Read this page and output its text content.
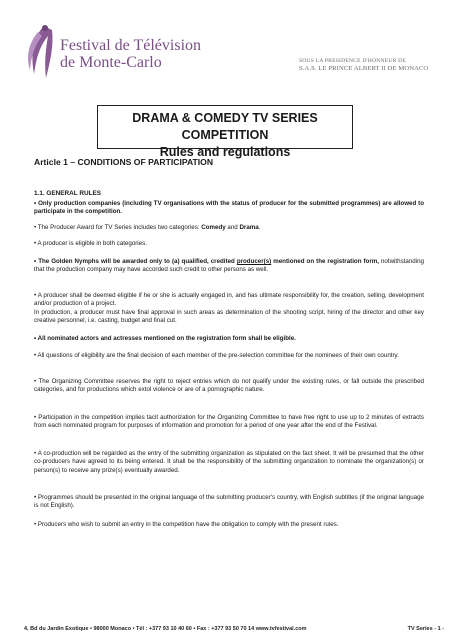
Festival de Télévision
de Monte-Carlo	SOUS LA PRESIDENCE D'HONNEUR DE
S.A.S. LE PRINCE ALBERT II DE MONACO
DRAMA & COMEDY TV SERIES COMPETITION
Rules and regulations

Article 1 – CONDITIONS OF PARTICIPATION

1.1. GENERAL RULES

• Only production companies (including TV organisations with the status of producer for the submitted programmes) are allowed to participate in the competition.

• The Producer Award for TV Series includes two categories: Comedy and Drama.

• A producer is eligible in both categories.

• The Golden Nymphs will be awarded only to (a) qualified, credited producer(s) mentioned on the registration form, notwithstanding that the production company may have accorded such credit to other persons as well.

• A producer shall be deemed eligible if he or she is actually engaged in, and has ultimate responsibility for, the creation, selling, development and/or production of a project.

In production, a producer must have final approval in such areas as determination of the shooting script, hiring of the director and other key creative personnel, i.e. casting, budget and final cut.

• All nominated actors and actresses mentioned on the registration form shall be eligible.

• All questions of eligibility are the final decision of each member of the pre-selection committee for the nominees of their own country.

• The Organizing Committee reserves the right to reject entries which do not qualify under the existing rules, or fall outside the prescribed categories, and for productions which extol violence or are of a pornographic nature.

• Participation in the competition implies tacit authorization for the Organizing Committee to have free right to use up to 2 minutes of extracts from each nominated program for purposes of information and promotion for a period of one year after the end of the Festival.

• A co-production will be regarded as the entry of the submitting organization as stipulated on the fact sheet. It will be presumed that the other co-producers have agreed to its being entered. It shall be the responsibility of the submitting organization to nominate the organization(s) or person(s) to receive any prize(s) eventually awarded.

• Programmes should be presented in the original language of the submitting producer's country, with English subtitles (if the original language is not English).

• Producers who wish to submit an entry in the competition have the obligation to comply with the present rules.

4, Bd du Jardin Exotique • 98000 Monaco • Tél : +377 93 10 40 60 • Fax : +377 93 50 70 14 www.tvfestival.com	TV Series - 1 -
